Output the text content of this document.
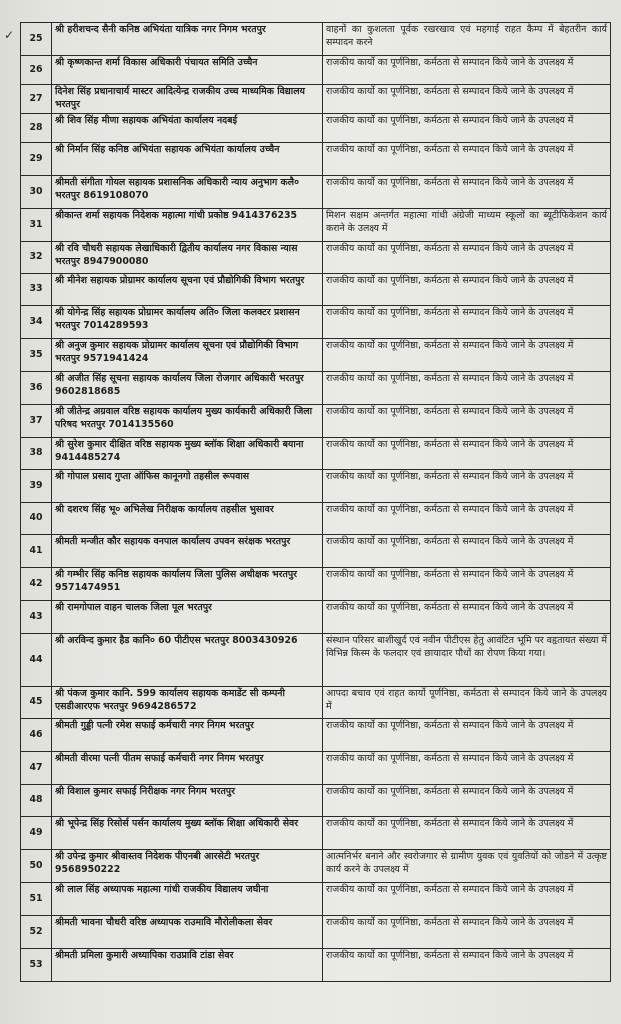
✓	25	श्री हरीशचन्द सैनी कनिष्ठ अभियंता यात्रिक नगर निगम भरतपुर	वाहनों का कुशलता पूर्वक रखरखाव एवं महगाई राहत कैम्प में बेहतरीन कार्य सम्पादन करने
26	श्री कृष्णकान्त शर्मा विकास अधिकारी पंचायत समिति उच्चैन	राजकीय कार्यो का पूर्णनिष्ठा, कर्मठता से सम्पादन किये जाने के उपलक्ष्य में
27	दिनेश सिंह प्रधानाचार्य मास्टर आदित्येन्द्र राजकीय उच्च माध्यमिक विद्यालय भरतपुर	राजकीय कार्यो का पूर्णनिष्ठा, कर्मठता से सम्पादन किये जाने के उपलक्ष्य में
28	श्री शिव सिंह मीणा सहायक अभियंता कार्यालय नदबई	राजकीय कार्यो का पूर्णनिष्ठा, कर्मठता से सम्पादन किये जाने के उपलक्ष्य में
29	श्री निर्मान सिंह कनिष्ठ अभियंता सहायक अभियंता कार्यालय उच्चैन	राजकीय कार्यो का पूर्णनिष्ठा, कर्मठता से सम्पादन किये जाने के उपलक्ष्य में
30	श्रीमती संगीता गोयल सहायक प्रशासनिक अधिकारी न्याय अनुभाग कलै० भरतपुर 8619108070	राजकीय कार्यो का पूर्णनिष्ठा, कर्मठता से सम्पादन किये जाने के उपलक्ष्य में
31	श्रीकान्त शर्मा सहायक निदेशक महात्मा गांधी प्रकोष्ठ 9414376235	मिशन सक्षम अन्तर्गत महात्मा गांधी अंग्रेजी माध्यम स्कूलों का ब्यूटीफिकेशन कार्य कराने के उलक्ष्य में
32	श्री रवि चौधरी सहायक लेखाधिकारी द्वितीय कार्यालय नगर विकास न्यास भरतपुर 8947900080	राजकीय कार्यो का पूर्णनिष्ठा, कर्मठता से सम्पादन किये जाने के उपलक्ष्य में
33	श्री मीनेश सहायक प्रोग्रामर कार्यालय सूचना एवं प्रौद्योगिकी विभाग भरतपुर	राजकीय कार्यो का पूर्णनिष्ठा, कर्मठता से सम्पादन किये जाने के उपलक्ष्य में
34	श्री योगेन्द्र सिंह सहायक प्रोग्रामर कार्यालय अति० जिला कलक्टर प्रशासन भरतपुर 7014289593	राजकीय कार्यो का पूर्णनिष्ठा, कर्मठता से सम्पादन किये जाने के उपलक्ष्य में
35	श्री अनुज कुमार सहायक प्रोग्रामर कार्यालय सूचना एवं प्रौद्योगिकी विभाग भरतपुर 9571941424	राजकीय कार्यो का पूर्णनिष्ठा, कर्मठता से सम्पादन किये जाने के उपलक्ष्य में
36	श्री अजीत सिंह सूचना सहायक कार्यालय जिला रोजगार अधिकारी भरतपुर 9602818685	राजकीय कार्यो का पूर्णनिष्ठा, कर्मठता से सम्पादन किये जाने के उपलक्ष्य में
37	श्री जीतेन्द्र अग्रवाल वरिष्ठ सहायक कार्यालय मुख्य कार्यकारी अधिकारी जिला परिषद भरतपुर 7014135560	राजकीय कार्यो का पूर्णनिष्ठा, कर्मठता से सम्पादन किये जाने के उपलक्ष्य में
38	श्री सुरेश कुमार दीक्षित वरिष्ठ सहायक मुख्य ब्लॉक शिक्षा अधिकारी बयाना 9414485274	राजकीय कार्यो का पूर्णनिष्ठा, कर्मठता से सम्पादन किये जाने के उपलक्ष्य में
39	श्री गोपाल प्रसाद गुप्ता ऑफिस कानूनगो तहसील रूपवास	राजकीय कार्यो का पूर्णनिष्ठा, कर्मठता से सम्पादन किये जाने के उपलक्ष्य में
40	श्री दशरथ सिंह भू० अभिलेख निरीक्षक कार्यालय तहसील भुसावर	राजकीय कार्यो का पूर्णनिष्ठा, कर्मठता से सम्पादन किये जाने के उपलक्ष्य में
41	श्रीमती मन्जीत कौर सहायक वनपाल कार्यालय उपवन सरंक्षक भरतपुर	राजकीय कार्यो का पूर्णनिष्ठा, कर्मठता से सम्पादन किये जाने के उपलक्ष्य में
42	श्री गम्भीर सिंह कनिष्ठ सहायक कार्यालय जिला पुलिस अधीक्षक भरतपुर 9571474951	राजकीय कार्यो का पूर्णनिष्ठा, कर्मठता से सम्पादन किये जाने के उपलक्ष्य में
43	श्री रामगोपाल वाहन चालक जिला पूल भरतपुर	राजकीय कार्यो का पूर्णनिष्ठा, कर्मठता से सम्पादन किये जाने के उपलक्ष्य में
44	श्री अरविन्द कुमार हैड कानि० 60 पीटीएस भरतपुर 8003430926	संस्थान परिसर बाशीखुर्द एवं नवीन पीटीएस हेतु आवंटित भूमि पर वहृतायत संख्या में विभिन्न किस्म के फलदार एवं छायादार पौधों का रोपण किया गया।
45	श्री पंकज कुमार कानि. 599 कार्यालय सहायक कमाडेंट सी कम्पनी एसडीआरएफ भरतपुर 9694286572	आपदा बचाव एवं राहत कार्यो पूर्णनिष्ठा, कर्मठता से सम्पादन किये जाने के उपलक्ष्य में
46	श्रीमती गुड्डी पत्नी रमेश सफाई कर्मचारी नगर निगम भरतपुर	राजकीय कार्यो का पूर्णनिष्ठा, कर्मठता से सम्पादन किये जाने के उपलक्ष्य में
47	श्रीमती वीरमा पत्नी पीतम सफाई कर्मचारी नगर निगम भरतपुर	राजकीय कार्यो का पूर्णनिष्ठा, कर्मठता से सम्पादन किये जाने के उपलक्ष्य में
48	श्री विशाल कुमार सफाई निरीक्षक नगर निगम भरतपुर	राजकीय कार्यो का पूर्णनिष्ठा, कर्मठता से सम्पादन किये जाने के उपलक्ष्य में
49	श्री भूपेन्द्र सिंह रिसोर्स पर्सन कार्यालय मुख्य ब्लॉक शिक्षा अधिकारी सेवर	राजकीय कार्यो का पूर्णनिष्ठा, कर्मठता से सम्पादन किये जाने के उपलक्ष्य में
50	श्री उपेन्द्र कुमार श्रीवास्तव निदेशक पीएनबी आरसेटी भरतपुर 9568950222	आत्मनिर्भर बनाने और स्वरोजगार से ग्रामीण युवक एवं युवतियों को जोडने में उत्कृष्ट कार्य करने के उपलक्ष्य में
51	श्री लाल सिंह अध्यापक महात्मा गांधी राजकीय विद्यालय जघीना	राजकीय कार्यो का पूर्णनिष्ठा, कर्मठता से सम्पादन किये जाने के उपलक्ष्य में
52	श्रीमती भावना चौधरी वरिष्ठ अध्यापक राउमावि मौरोलीकला सेवर	राजकीय कार्यो का पूर्णनिष्ठा, कर्मठता से सम्पादन किये जाने के उपलक्ष्य में
53	श्रीमती प्रमिला कुमारी अध्यापिका राउप्रावि टांडा सेवर	राजकीय कार्यो का पूर्णनिष्ठा, कर्मठता से सम्पादन किये जाने के उपलक्ष्य में
